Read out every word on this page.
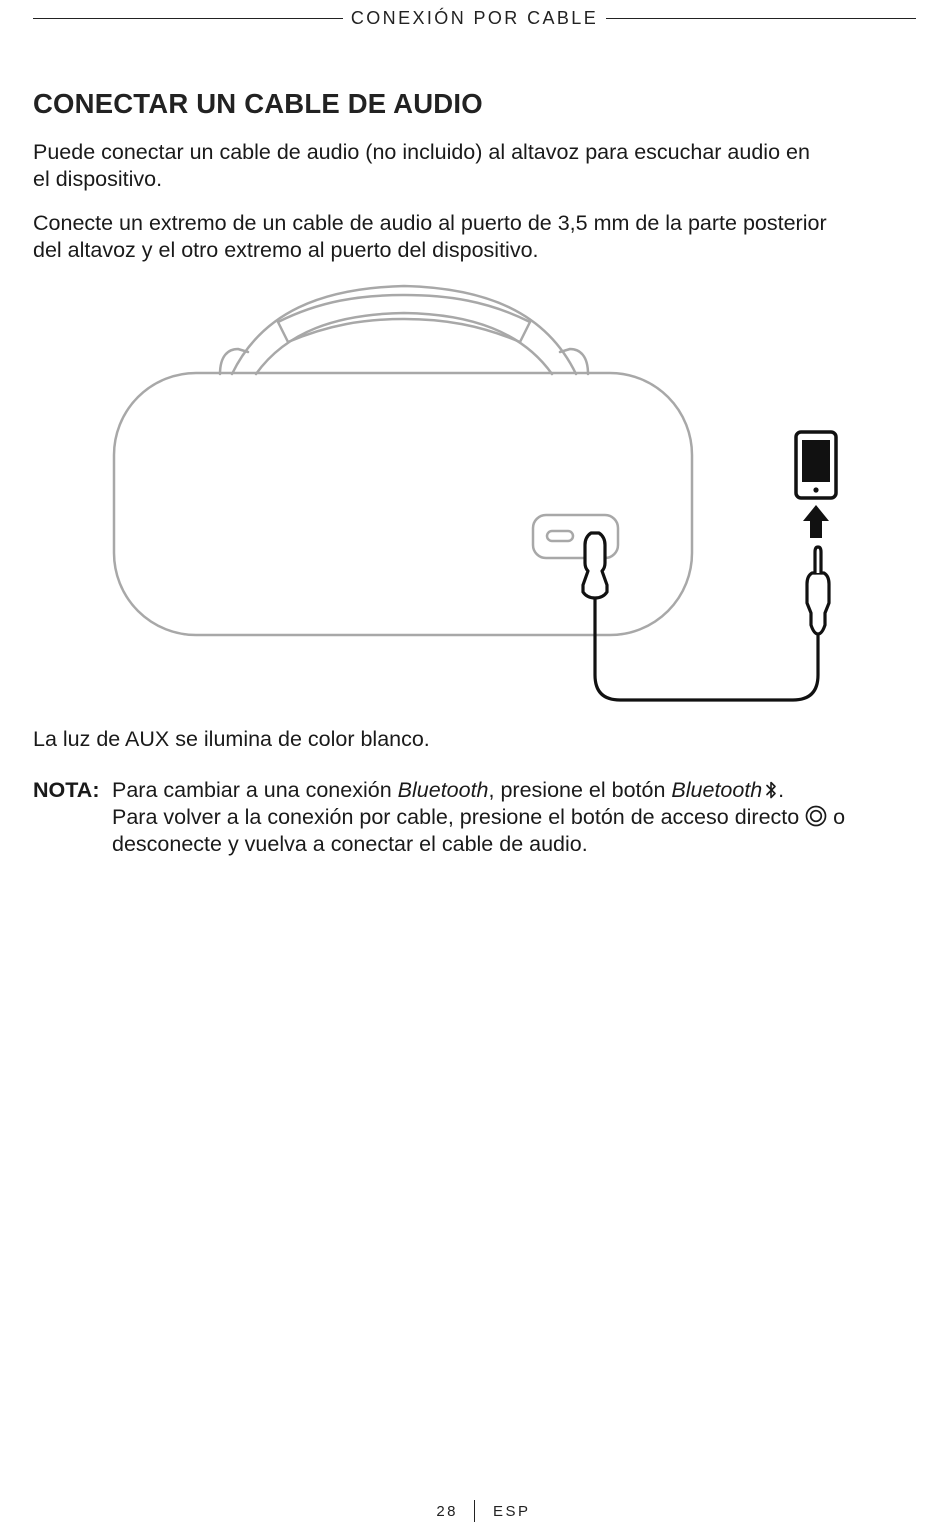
CONEXIÓN POR CABLE
CONECTAR UN CABLE DE AUDIO

Puede conectar un cable de audio (no incluido) al altavoz para escuchar audio en
el dispositivo.

Conecte un extremo de un cable de audio al puerto de 3,5 mm de la parte posterior
del altavoz y el otro extremo al puerto del dispositivo.

La luz de AUX se ilumina de color blanco.

NOTA: Para cambiar a una conexión Bluetooth, presione el botón Bluetooth  .
Para volver a la conexión por cable, presione el botón de acceso directo  o
desconecte y vuelva a conectar el cable de audio.
28 ESP
